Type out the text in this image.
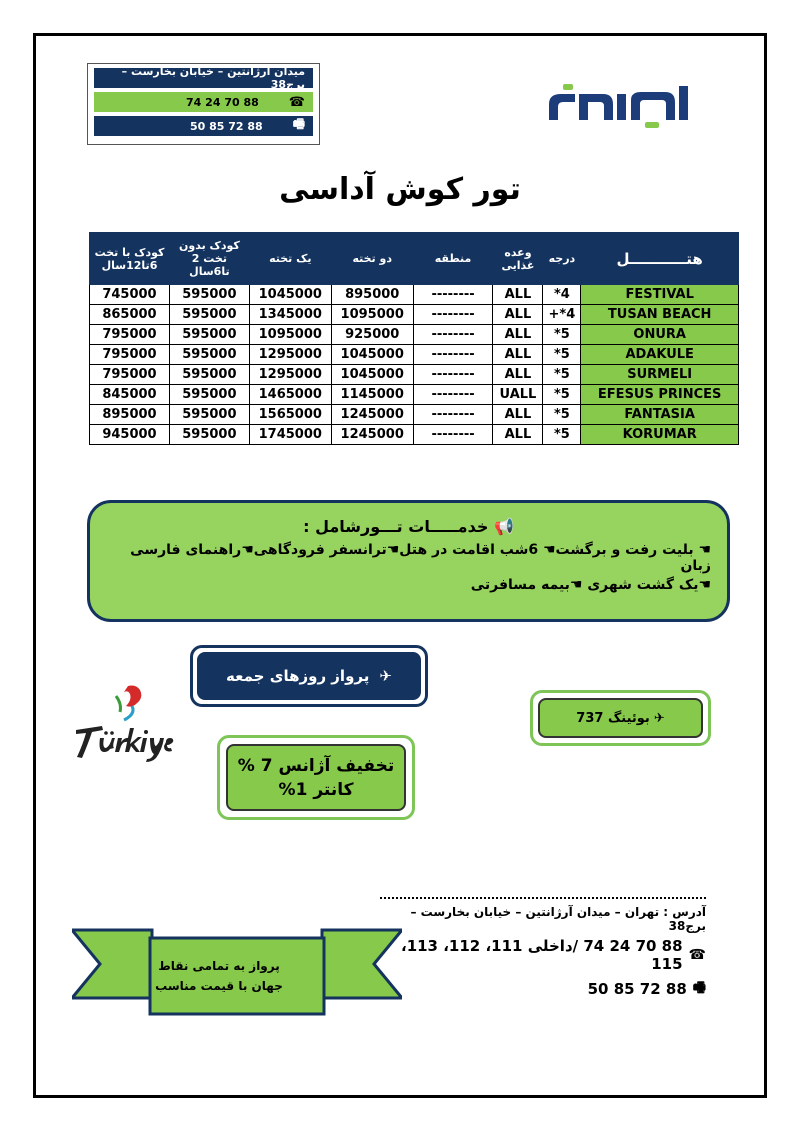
میدان آرژانتین – خیابان بخارست – برج38
☎
88 70 24 74
🖷
88 72 85 50
تور کوش آداسی
هتـــــــــــل	درجه	وعده غذایی	منطقه	دو تخته	یک تخته	کودک بدون تخت 2 تا6سال	کودک با تخت 6تا12سال
FESTIVAL	4*	ALL	--------	895000	1045000	595000	745000
TUSAN BEACH	4*+	ALL	--------	1095000	1345000	595000	865000
ONURA	5*	ALL	--------	925000	1095000	595000	795000
ADAKULE	5*	ALL	--------	1045000	1295000	595000	795000
SURMELI	5*	ALL	--------	1045000	1295000	595000	795000
EFESUS PRINCES	5*	UALL	--------	1145000	1465000	595000	845000
FANTASIA	5*	ALL	--------	1245000	1565000	595000	895000
KORUMAR	5*	ALL	--------	1245000	1745000	595000	945000
📢 خدمـــــات تـــورشامل :
☚ بلیت رفت و برگشت☚ 6شب اقامت در هتل☚ترانسفر فرودگاهی☚راهنمای فارسی زبان
☚یک گشت شهری ☚بیمه مسافرتی
✈
پرواز روزهای جمعه
✈
بوئینگ 737
تخفیف آژانس 7 %
کانتر 1%
آدرس : تهران – میدان آرژانتین – خیابان بخارست – برج38
☎
88 70 24 74 /داخلی 111، 112، 113، 115
🖷
88 72 85 50
پرواز به تمامی نقاط
جهان با قیمت مناسب
